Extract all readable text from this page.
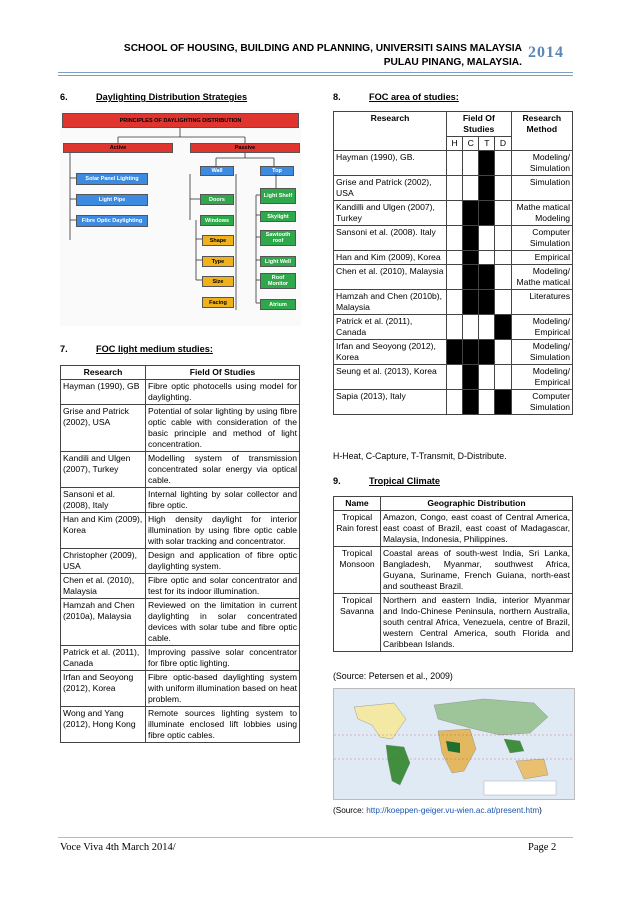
SCHOOL OF HOUSING, BUILDING AND PLANNING, UNIVERSITI SAINS MALAYSIA
PULAU PINANG, MALAYSIA.
2014
6.	Daylighting Distribution Strategies
PRINCIPLES OF DAYLIGHTING DISTRIBUTION
Active	Passive
Solar Panel Lighting
Light Pipe
Fibre Optic Daylighting
Wall	Top
Doors
Windows
Shape
Type
Size
Facing
Light Shelf
Skylight
Sawtooth roof
Light Well
Roof Monitor
Atrium
7.	FOC light medium studies:
Research	Field Of Studies
Hayman (1990), GB	Fibre optic photocells using model for daylighting.
Grise and Patrick (2002), USA	Potential of solar lighting by using fibre optic cable with consideration of the basic principle and method of light concentration.
Kandili and Ulgen (2007), Turkey	Modelling system of transmission concentrated solar energy via optical cable.
Sansoni et al. (2008), Italy	Internal lighting by solar collector and fibre optic.
Han and Kim (2009), Korea	High density daylight for interior illumination by using fibre optic cable with solar tracking and concentrator.
Christopher (2009), USA	Design and application of fibre optic daylighting system.
Chen et al. (2010), Malaysia	Fibre optic and solar concentrator and test for its indoor illumination.
Hamzah and Chen (2010a), Malaysia	Reviewed on the limitation in current daylighting in solar concentrated devices with solar tube and fibre optic cable.
Patrick et al. (2011), Canada	Improving passive solar concentrator for fibre optic lighting.
Irfan and Seoyong (2012), Korea	Fibre optic-based daylighting system with uniform illumination based on heat problem.
Wong and Yang (2012), Hong Kong	Remote sources lighting system to illuminate enclosed lift lobbies using fibre optic cables.
8.	FOC area of studies:
Research	Field Of Studies				Research Method
	H	C	T	D	
Hayman (1990), GB.					Modeling/ Simulation
Grise and Patrick (2002), USA					Simulation
Kandilli and Ulgen (2007), Turkey					Mathe matical Modeling
Sansoni et al. (2008). Italy					Computer Simulation
Han and Kim (2009), Korea					Empirical
Chen et al. (2010), Malaysia					Modeling/ Mathe matical
Hamzah and Chen (2010b), Malaysia					Literatures
Patrick et al. (2011), Canada					Modeling/ Empirical
Irfan and Seoyong (2012), Korea					Modeling/ Simulation
Seung et al. (2013), Korea					Modeling/ Empirical
Sapia (2013), Italy					Computer Simulation
H-Heat, C-Capture, T-Transmit, D-Distribute.
9.	Tropical Climate
Name	Geographic Distribution
Tropical Rain forest	Amazon, Congo, east coast of Central America, east coast of Brazil, east coast of Madagascar, Malaysia, Indonesia, Philippines.
Tropical Monsoon	Coastal areas of south-west India, Sri Lanka, Bangladesh, Myanmar, southwest Africa, Guyana, Suriname, French Guiana, north-east and southeast Brazil.
Tropical Savanna	Northern and eastern India, interior Myanmar and Indo-Chinese Peninsula, northern Australia, south central Africa, Venezuela, centre of Brazil, western Central America, south Florida and Caribbean Islands.
(Source: Petersen et al., 2009)
(Source: http://koeppen-geiger.vu-wien.ac.at/present.htm)
Voce Viva 4th March 2014/	Page 2
